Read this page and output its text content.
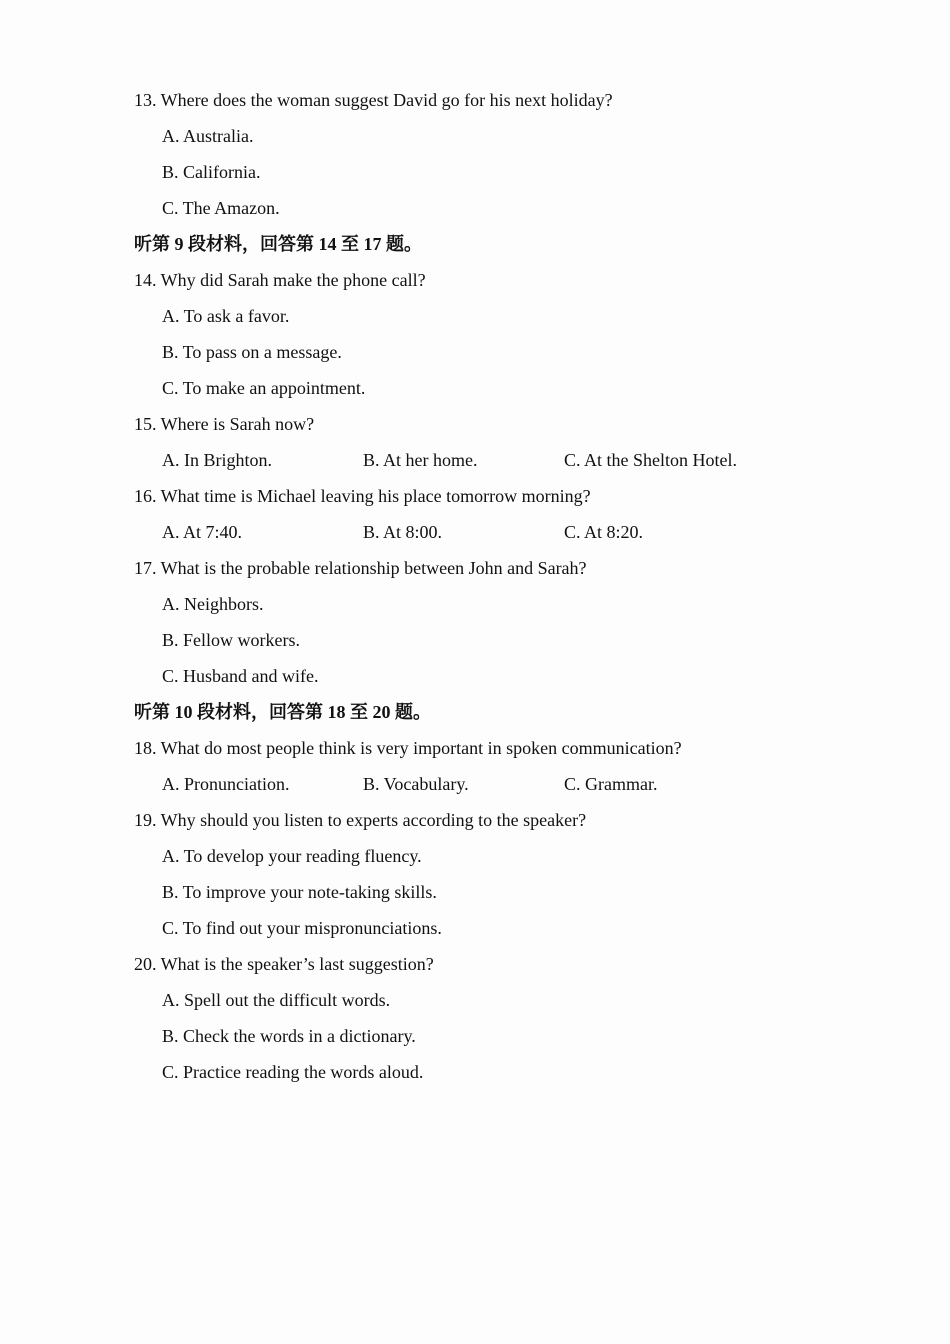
13. Where does the woman suggest David go for his next holiday?
A. Australia.
B. California.
C. The Amazon.
听第 9 段材料，回答第 14 至 17 题。
14. Why did Sarah make the phone call?
A. To ask a favor.
B. To pass on a message.
C. To make an appointment.
15. Where is Sarah now?
A. In Brighton.	B. At her home.	C. At the Shelton Hotel.
16. What time is Michael leaving his place tomorrow morning?
A. At 7:40.	B. At 8:00.	C. At 8:20.
17. What is the probable relationship between John and Sarah?
A. Neighbors.
B. Fellow workers.
C. Husband and wife.
听第 10 段材料，回答第 18 至 20 题。
18. What do most people think is very important in spoken communication?
A. Pronunciation.	B. Vocabulary.	C. Grammar.
19. Why should you listen to experts according to the speaker?
A. To develop your reading fluency.
B. To improve your note-taking skills.
C. To find out your mispronunciations.
20. What is the speaker’s last suggestion?
A. Spell out the difficult words.
B. Check the words in a dictionary.
C. Practice reading the words aloud.
